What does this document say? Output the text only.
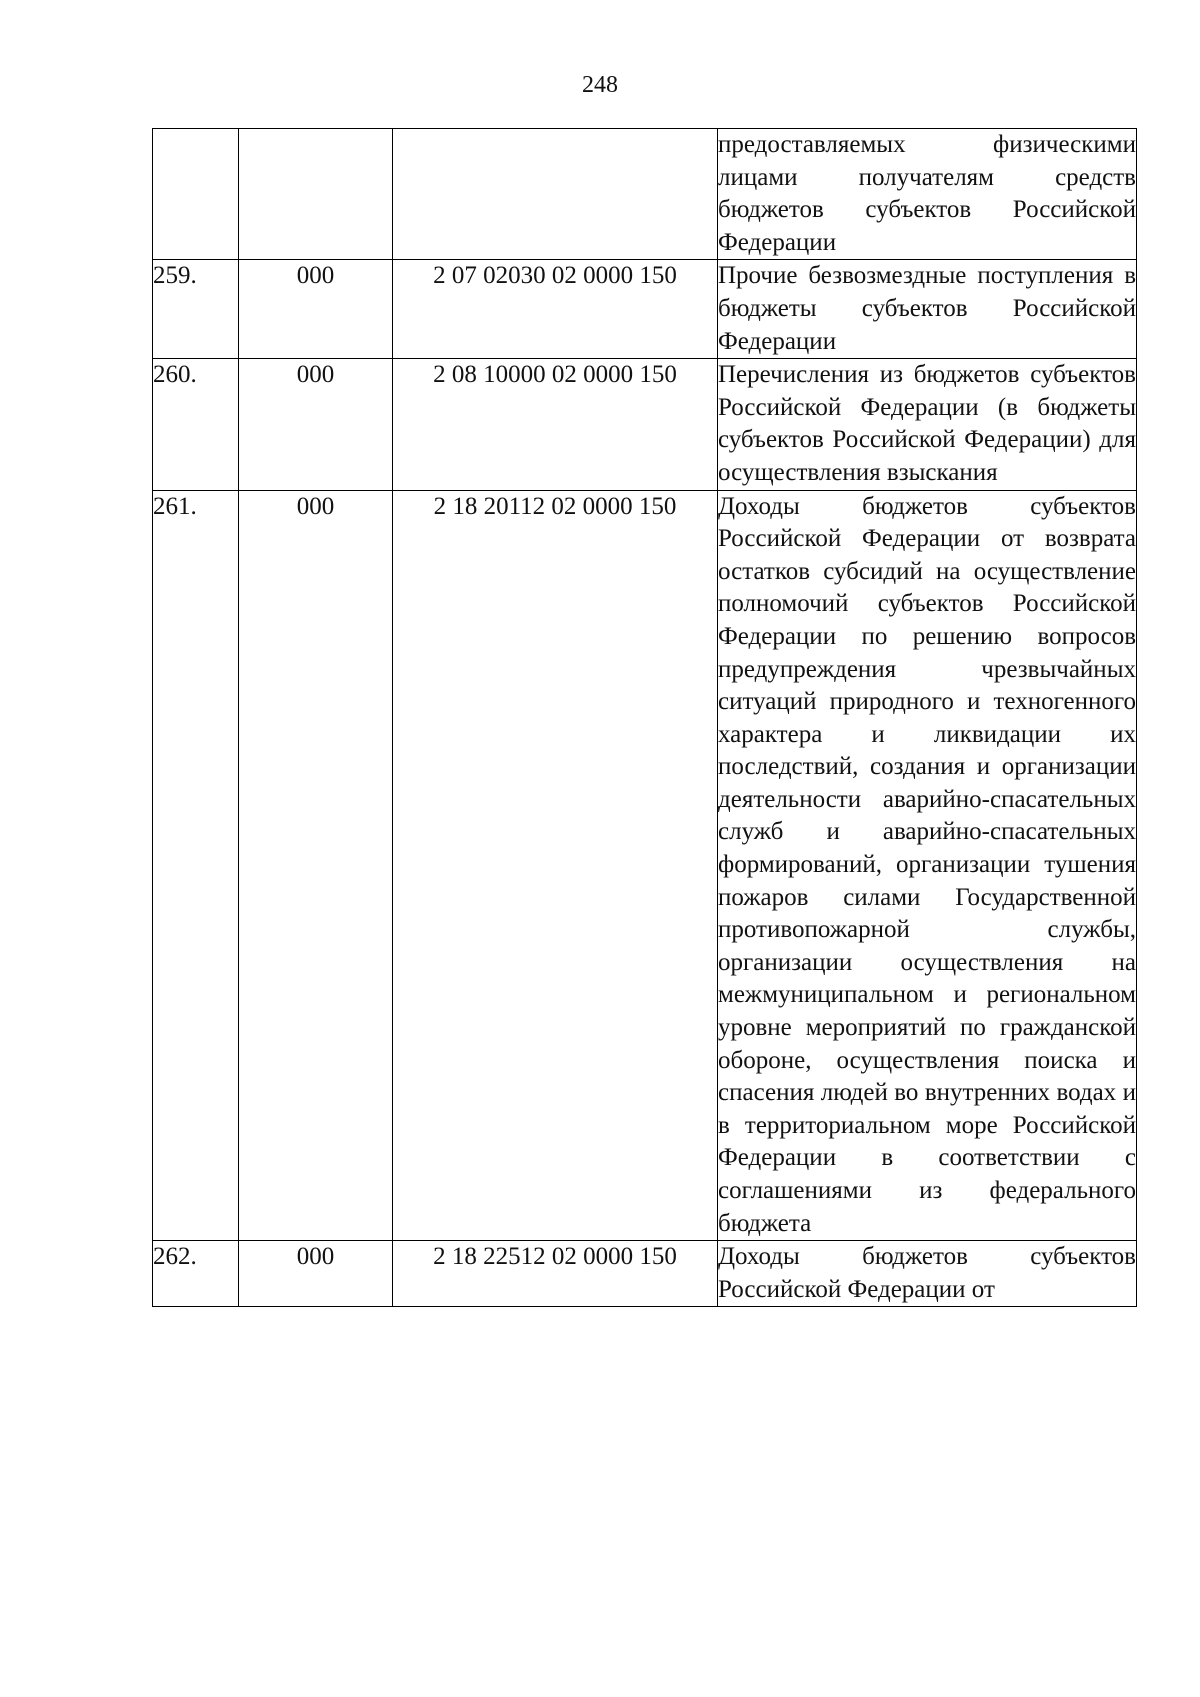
248

			предоставляемых физическими лицами получателям средств бюджетов субъектов Российской Федерации

259.	000	2 07 02030 02 0000 150	Прочие безвозмездные поступления в бюджеты субъектов Российской Федерации

260.	000	2 08 10000 02 0000 150	Перечисления из бюджетов субъектов Российской Федерации (в бюджеты субъектов Российской Федерации) для осуществления взыскания

261.	000	2 18 20112 02 0000 150	Доходы бюджетов субъектов Российской Федерации от возврата остатков субсидий на осуществление полномочий субъектов Российской Федерации по решению вопросов предупреждения чрезвычайных ситуаций природного и техногенного характера и ликвидации их последствий, создания и организации деятельности аварийно-спасательных служб и аварийно-спасательных формирований, организации тушения пожаров силами Государственной противопожарной службы, организации осуществления на межмуниципальном и региональном уровне мероприятий по гражданской обороне, осуществления поиска и спасения людей во внутренних водах и в территориальном море Российской Федерации в соответствии с соглашениями из федерального бюджета

262.	000	2 18 22512 02 0000 150	Доходы бюджетов субъектов Российской Федерации от
